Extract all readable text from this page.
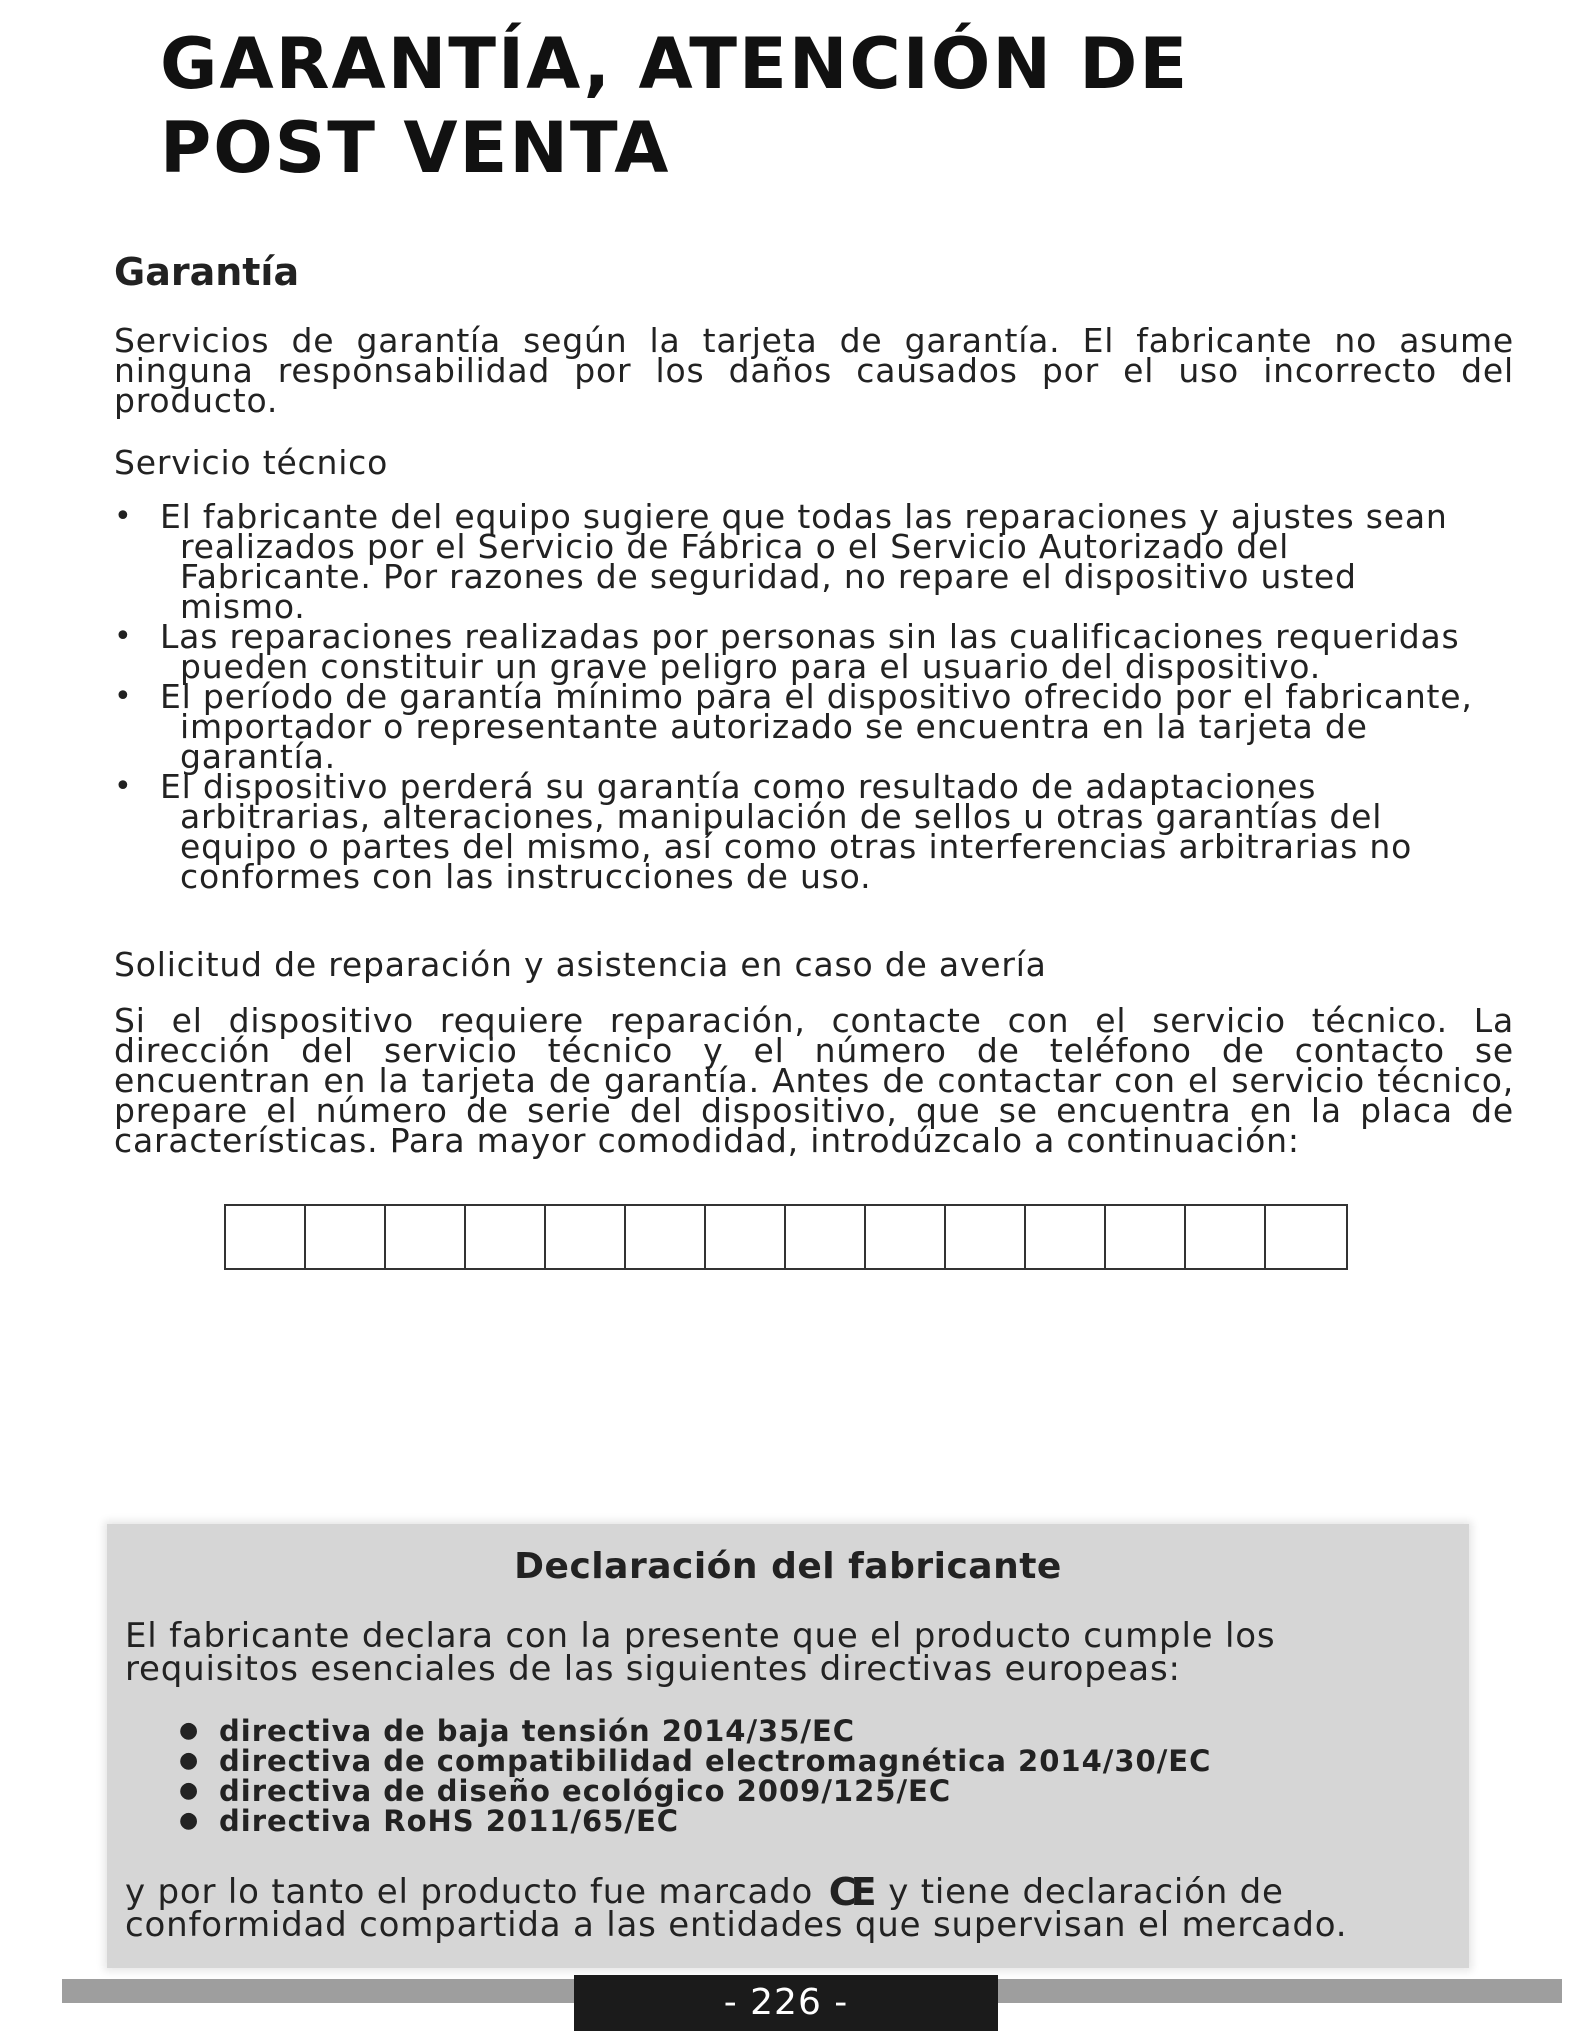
GARANTÍA, ATENCIÓN DE
POST VENTA
Garantía

Servicios de garantía según la tarjeta de garantía. El fabricante no asume ninguna responsabilidad por los daños causados por el uso incorrecto del producto.

Servicio técnico

• El fabricante del equipo sugiere que todas las reparaciones y ajustes sean realizados por el Servicio de Fábrica o el Servicio Autorizado del Fabricante. Por razones de seguridad, no repare el dispositivo usted mismo.
• Las reparaciones realizadas por personas sin las cualificaciones requeridas pueden constituir un grave peligro para el usuario del dispositivo.
• El período de garantía mínimo para el dispositivo ofrecido por el fabricante, importador o representante autorizado se encuentra en la tarjeta de garantía.
• El dispositivo perderá su garantía como resultado de adaptaciones arbitrarias, alteraciones, manipulación de sellos u otras garantías del equipo o partes del mismo, así como otras interferencias arbitrarias no conformes con las instrucciones de uso.

Solicitud de reparación y asistencia en caso de avería

Si el dispositivo requiere reparación, contacte con el servicio técnico. La dirección del servicio técnico y el número de teléfono de contacto se encuentran en la tarjeta de garantía. Antes de contactar con el servicio técnico, prepare el número de serie del dispositivo, que se encuentra en la placa de características. Para mayor comodidad, introdúzcalo a continuación:

Declaración del fabricante

El fabricante declara con la presente que el producto cumple los requisitos esenciales de las siguientes directivas europeas:

● directiva de baja tensión 2014/35/EC
● directiva de compatibilidad electromagnética 2014/30/EC
● directiva de diseño ecológico 2009/125/EC
● directiva RoHS 2011/65/EC

y por lo tanto el producto fue marcado CE y tiene declaración de conformidad compartida a las entidades que supervisan el mercado.

- 226 -
